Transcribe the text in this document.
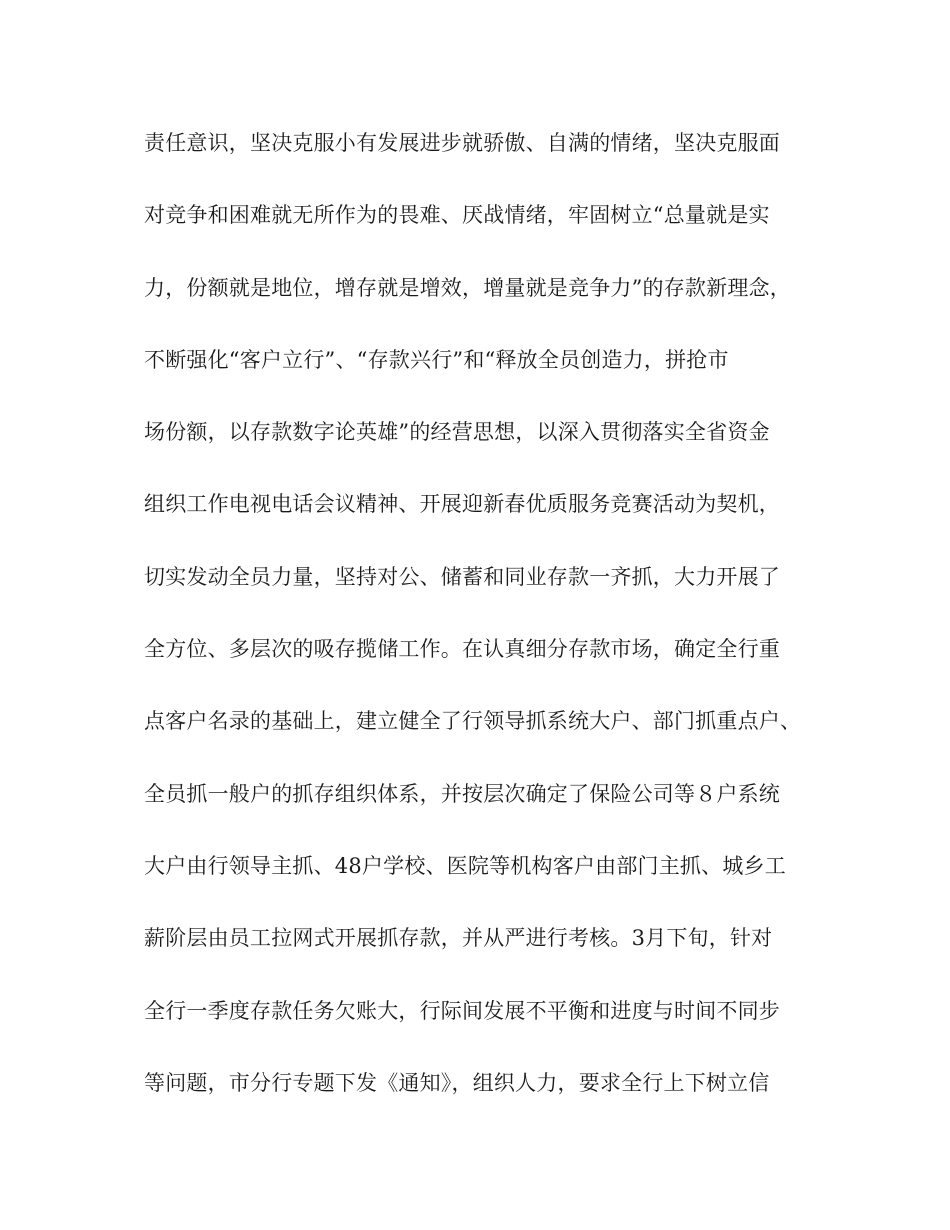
责任意识，坚决克服小有发展进步就骄傲、自满的情绪，坚决克服面
对竞争和困难就无所作为的畏难、厌战情绪，牢固树立“总量就是实
力，份额就是地位，增存就是增效，增量就是竞争力”的存款新理念，
不断强化“客户立行”、“存款兴行”和“释放全员创造力，拼抢市
场份额，以存款数字论英雄”的经营思想，以深入贯彻落实全省资金
组织工作电视电话会议精神、开展迎新春优质服务竞赛活动为契机，
切实发动全员力量，坚持对公、储蓄和同业存款一齐抓，大力开展了
全方位、多层次的吸存揽储工作。在认真细分存款市场，确定全行重
点客户名录的基础上，建立健全了行领导抓系统大户、部门抓重点户、
全员抓一般户的抓存组织体系，并按层次确定了保险公司等８户系统
大户由行领导主抓、48户学校、医院等机构客户由部门主抓、城乡工
薪阶层由员工拉网式开展抓存款，并从严进行考核。3月下旬，针对
全行一季度存款任务欠账大，行际间发展不平衡和进度与时间不同步
等问题，市分行专题下发《通知》，组织人力，要求全行上下树立信
